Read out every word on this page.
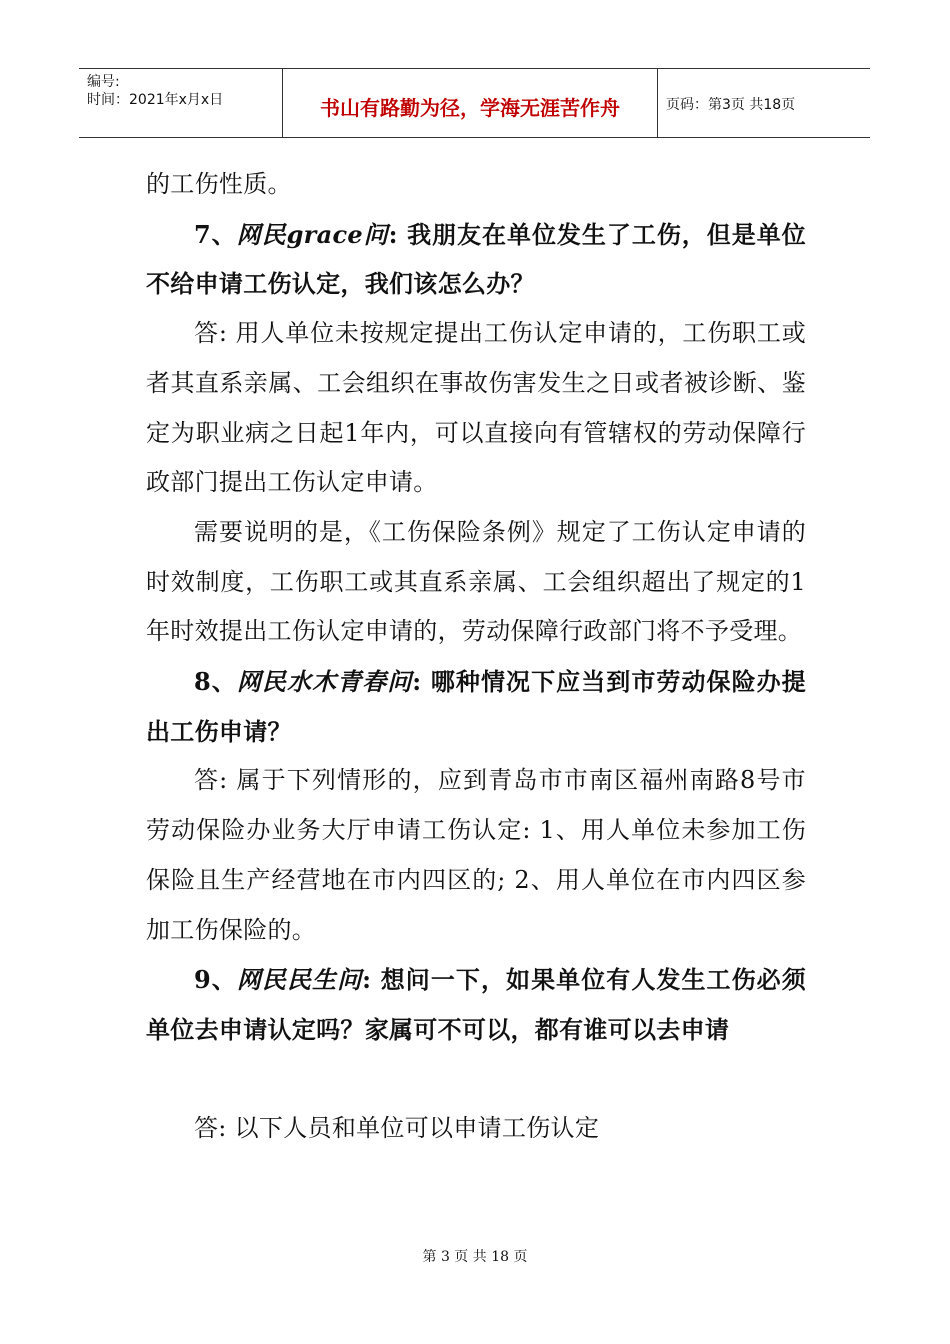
编号:
时间：2021年x月x日	书山有路勤为径，学海无涯苦作舟	页码：第3页 共18页

的工伤性质。

7、网民grace问: 我朋友在单位发生了工伤，但是单位不给申请工伤认定，我们该怎么办？

答: 用人单位未按规定提出工伤认定申请的，工伤职工或者其直系亲属、工会组织在事故伤害发生之日或者被诊断、鉴定为职业病之日起1年内，可以直接向有管辖权的劳动保障行政部门提出工伤认定申请。

需要说明的是，《工伤保险条例》规定了工伤认定申请的时效制度，工伤职工或其直系亲属、工会组织超出了规定的1年时效提出工伤认定申请的，劳动保障行政部门将不予受理。

8、网民水木青春问: 哪种情况下应当到市劳动保险办提出工伤申请？

答: 属于下列情形的，应到青岛市市南区福州南路8号市劳动保险办业务大厅申请工伤认定: 1、用人单位未参加工伤保险且生产经营地在市内四区的; 2、用人单位在市内四区参加工伤保险的。

9、网民民生问: 想问一下，如果单位有人发生工伤必须单位去申请认定吗？家属可不可以，都有谁可以去申请

答: 以下人员和单位可以申请工伤认定

第 3 页 共 18 页
